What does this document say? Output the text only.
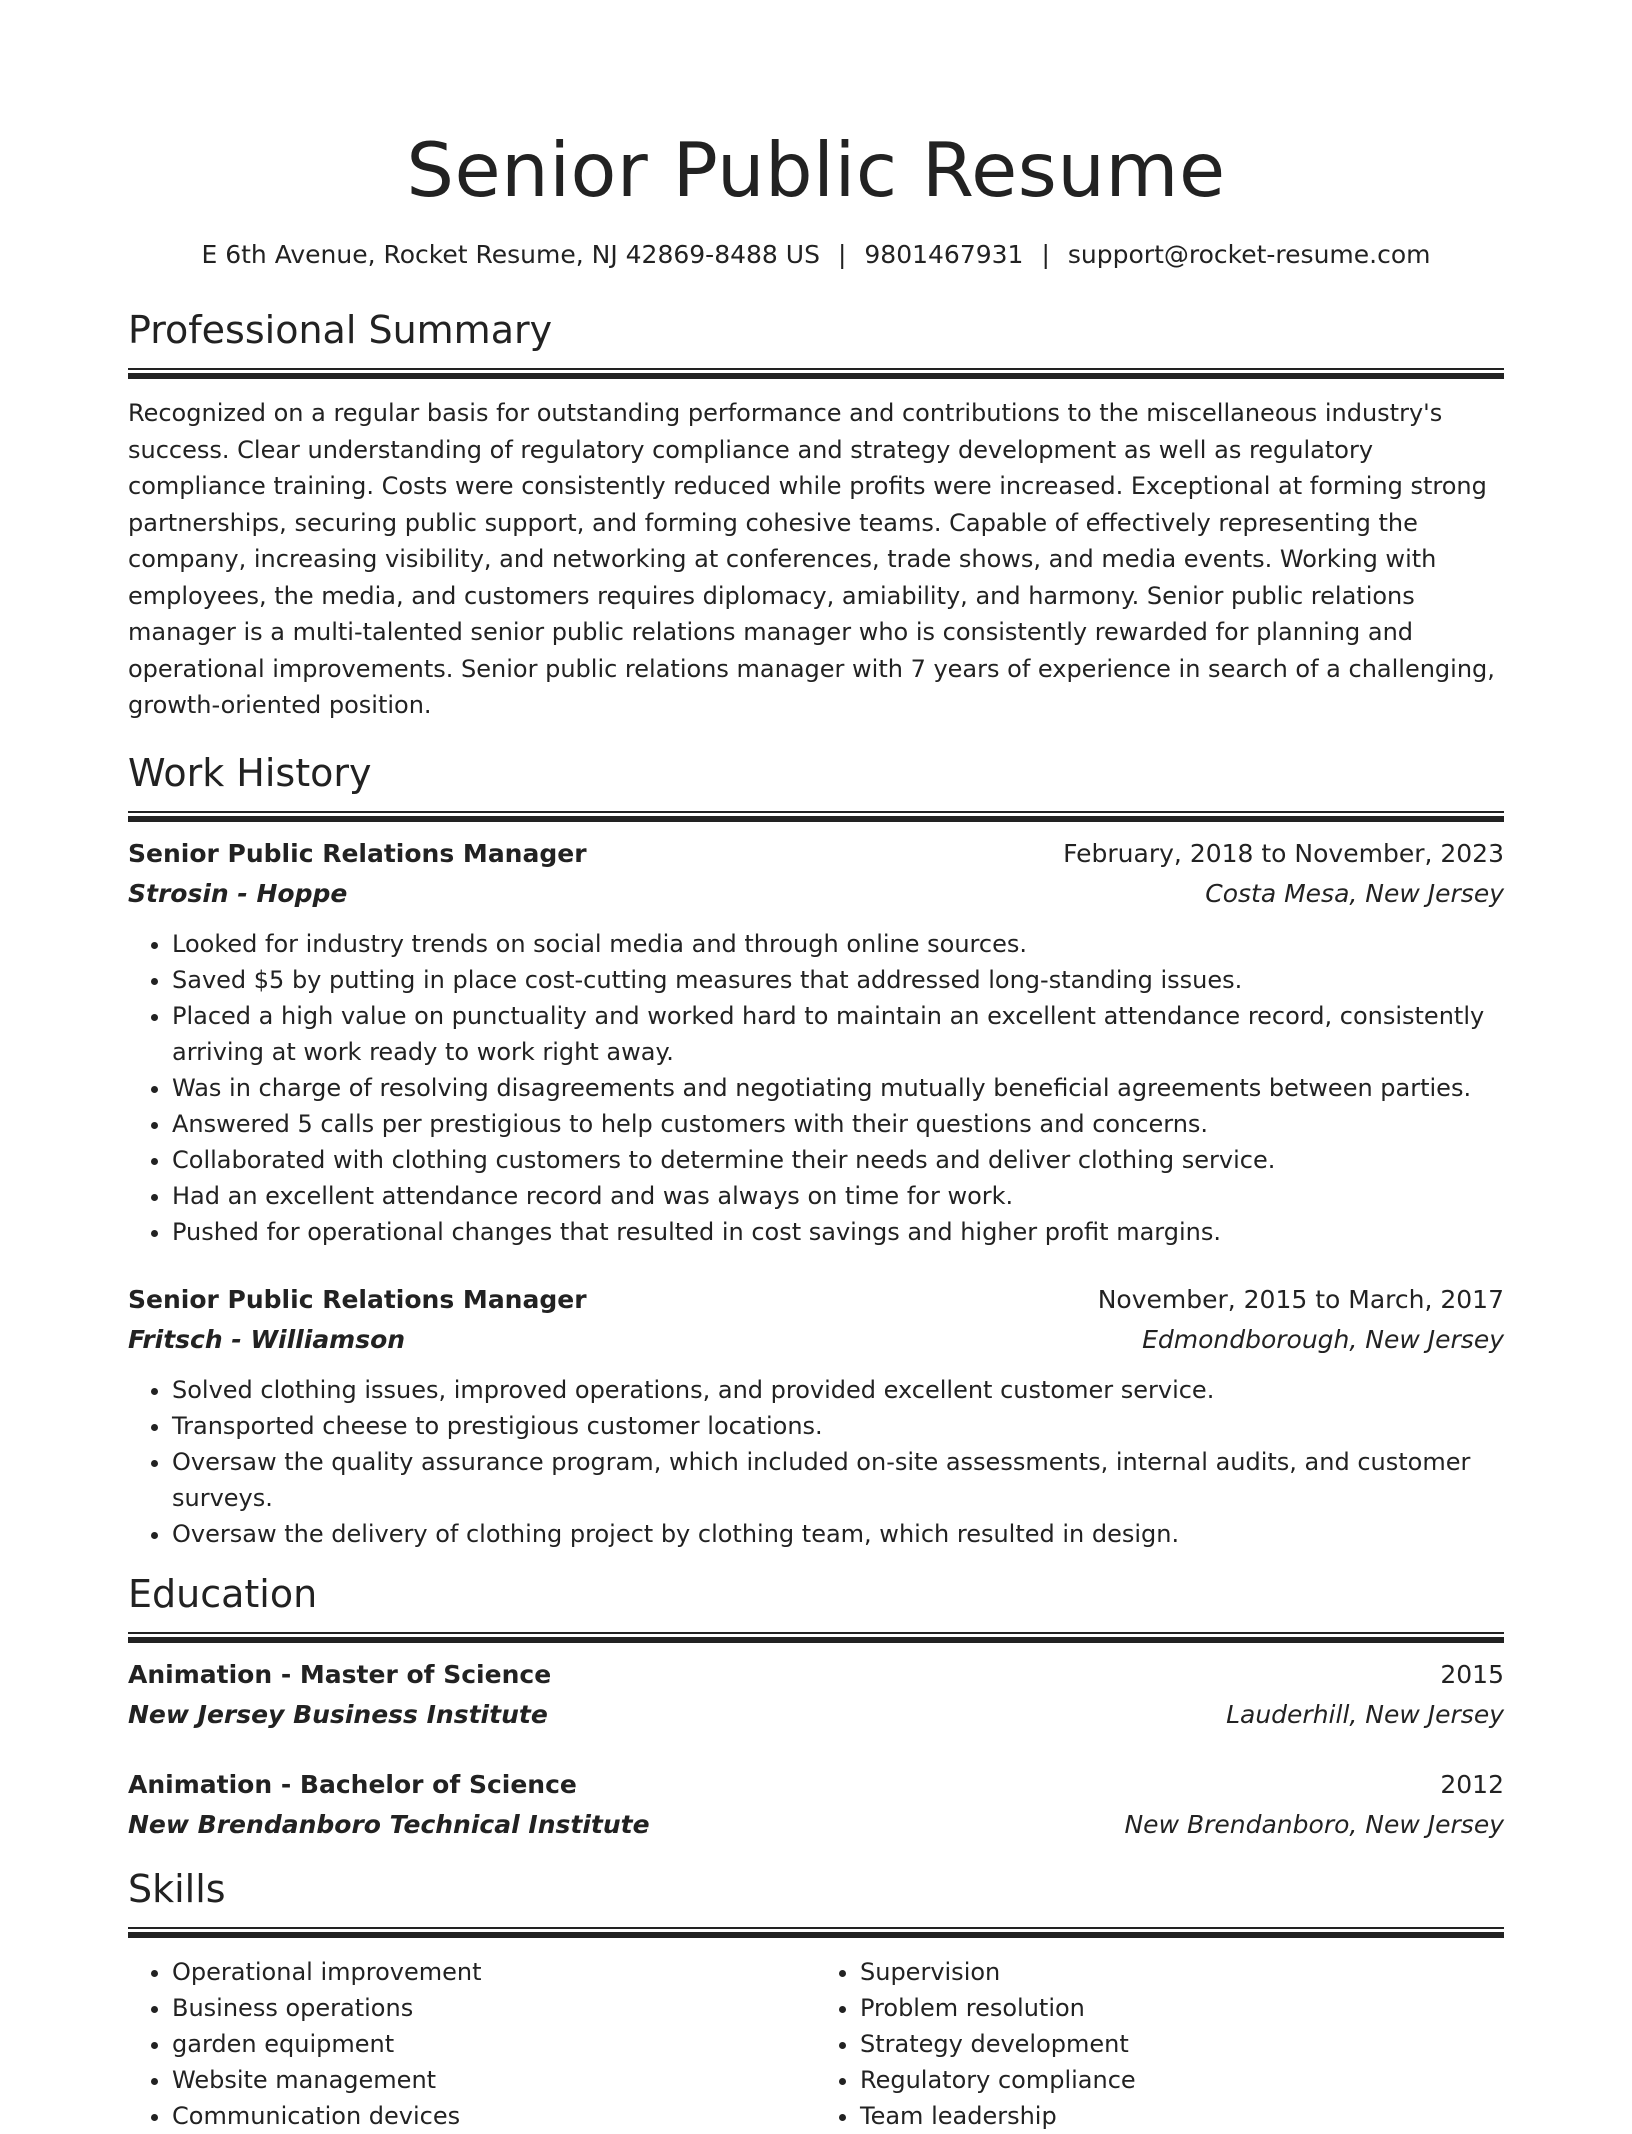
Senior Public Resume
E 6th Avenue, Rocket Resume, NJ 42869-8488 US | 9801467931 | support@rocket-resume.com
Professional Summary
Recognized on a regular basis for outstanding performance and contributions to the miscellaneous industry's success. Clear understanding of regulatory compliance and strategy development as well as regulatory compliance training. Costs were consistently reduced while profits were increased. Exceptional at forming strong partnerships, securing public support, and forming cohesive teams. Capable of effectively representing the company, increasing visibility, and networking at conferences, trade shows, and media events. Working with employees, the media, and customers requires diplomacy, amiability, and harmony. Senior public relations manager is a multi-talented senior public relations manager who is consistently rewarded for planning and operational improvements. Senior public relations manager with 7 years of experience in search of a challenging, growth-oriented position.
Work History
Senior Public Relations Manager	February, 2018 to November, 2023
Strosin - Hoppe	Costa Mesa, New Jersey
• Looked for industry trends on social media and through online sources.
• Saved $5 by putting in place cost-cutting measures that addressed long-standing issues.
• Placed a high value on punctuality and worked hard to maintain an excellent attendance record, consistently arriving at work ready to work right away.
• Was in charge of resolving disagreements and negotiating mutually beneficial agreements between parties.
• Answered 5 calls per prestigious to help customers with their questions and concerns.
• Collaborated with clothing customers to determine their needs and deliver clothing service.
• Had an excellent attendance record and was always on time for work.
• Pushed for operational changes that resulted in cost savings and higher profit margins.
Senior Public Relations Manager	November, 2015 to March, 2017
Fritsch - Williamson	Edmondborough, New Jersey
• Solved clothing issues, improved operations, and provided excellent customer service.
• Transported cheese to prestigious customer locations.
• Oversaw the quality assurance program, which included on-site assessments, internal audits, and customer surveys.
• Oversaw the delivery of clothing project by clothing team, which resulted in design.
Education
Animation - Master of Science	2015
New Jersey Business Institute	Lauderhill, New Jersey
Animation - Bachelor of Science	2012
New Brendanboro Technical Institute	New Brendanboro, New Jersey
Skills
• Operational improvement
• Business operations
• garden equipment
• Website management
• Communication devices
• Supervision
• Problem resolution
• Strategy development
• Regulatory compliance
• Team leadership
